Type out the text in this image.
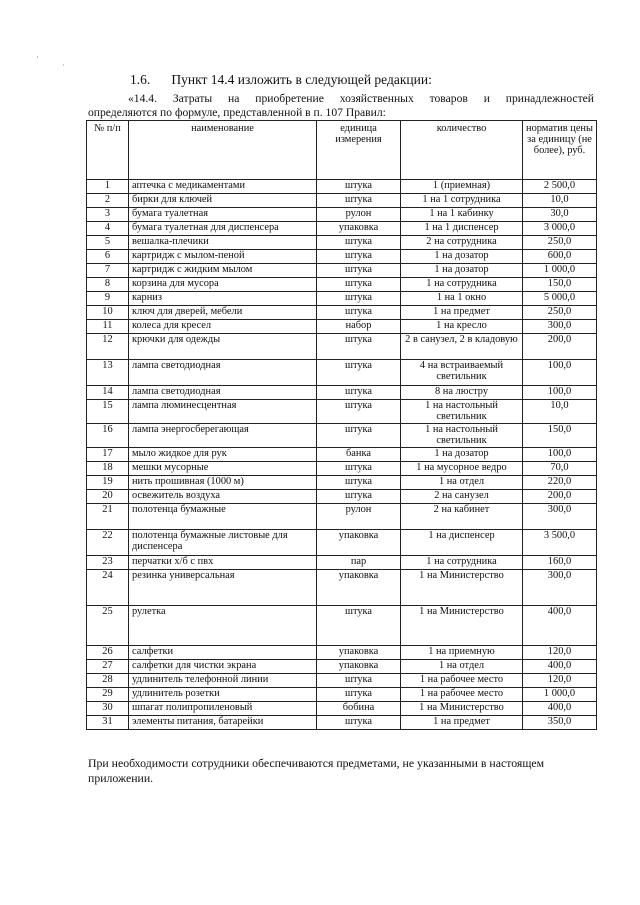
1.6. Пункт 14.4 изложить в следующей редакции:
«14.4. Затраты на приобретение хозяйственных товаров и принадлежностей
определяются по формуле, представленной в п. 107 Правил:
№ п/п	наименование	единица измерения	количество	норматив цены за единицу (не более), руб.
1	аптечка с медикаментами	штука	1 (приемная)	2 500,0
2	бирки для ключей	штука	1 на 1 сотрудника	10,0
3	бумага туалетная	рулон	1 на 1 кабинку	30,0
4	бумага туалетная для диспенсера	упаковка	1 на 1 диспенсер	3 000,0
5	вешалка-плечики	штука	2 на сотрудника	250,0
6	картридж с мылом-пеной	штука	1 на дозатор	600,0
7	картридж с жидким мылом	штука	1 на дозатор	1 000,0
8	корзина для мусора	штука	1 на сотрудника	150,0
9	карниз	штука	1 на 1 окно	5 000,0
10	ключ для дверей, мебели	штука	1 на предмет	250,0
11	колеса для кресел	набор	1 на кресло	300,0
12	крючки для одежды	штука	2 в санузел, 2 в кладовую	200,0
13	лампа светодиодная	штука	4 на встраиваемый светильник	100,0
14	лампа светодиодная	штука	8 на люстру	100,0
15	лампа люминесцентная	штука	1 на настольный светильник	10,0
16	лампа энергосберегающая	штука	1 на настольный светильник	150,0
17	мыло жидкое для рук	банка	1 на дозатор	100,0
18	мешки мусорные	штука	1 на мусорное ведро	70,0
19	нить прошивная (1000 м)	штука	1 на отдел	220,0
20	освежитель воздуха	штука	2 на санузел	200,0
21	полотенца бумажные	рулон	2 на кабинет	300,0
22	полотенца бумажные листовые для диспенсера	упаковка	1 на диспенсер	3 500,0
23	перчатки х/б с пвх	пар	1 на сотрудника	160,0
24	резинка универсальная	упаковка	1 на Министерство	300,0
25	рулетка	штука	1 на Министерство	400,0
26	салфетки	упаковка	1 на приемную	120,0
27	салфетки для чистки экрана	упаковка	1 на отдел	400,0
28	удлинитель телефонной линии	штука	1 на рабочее место	120,0
29	удлинитель розетки	штука	1 на рабочее место	1 000,0
30	шпагат полипропиленовый	бобина	1 на Министерство	400,0
31	элементы питания, батарейки	штука	1 на предмет	350,0
При необходимости сотрудники обеспечиваются предметами, не указанными в настоящем приложении.
·
·
